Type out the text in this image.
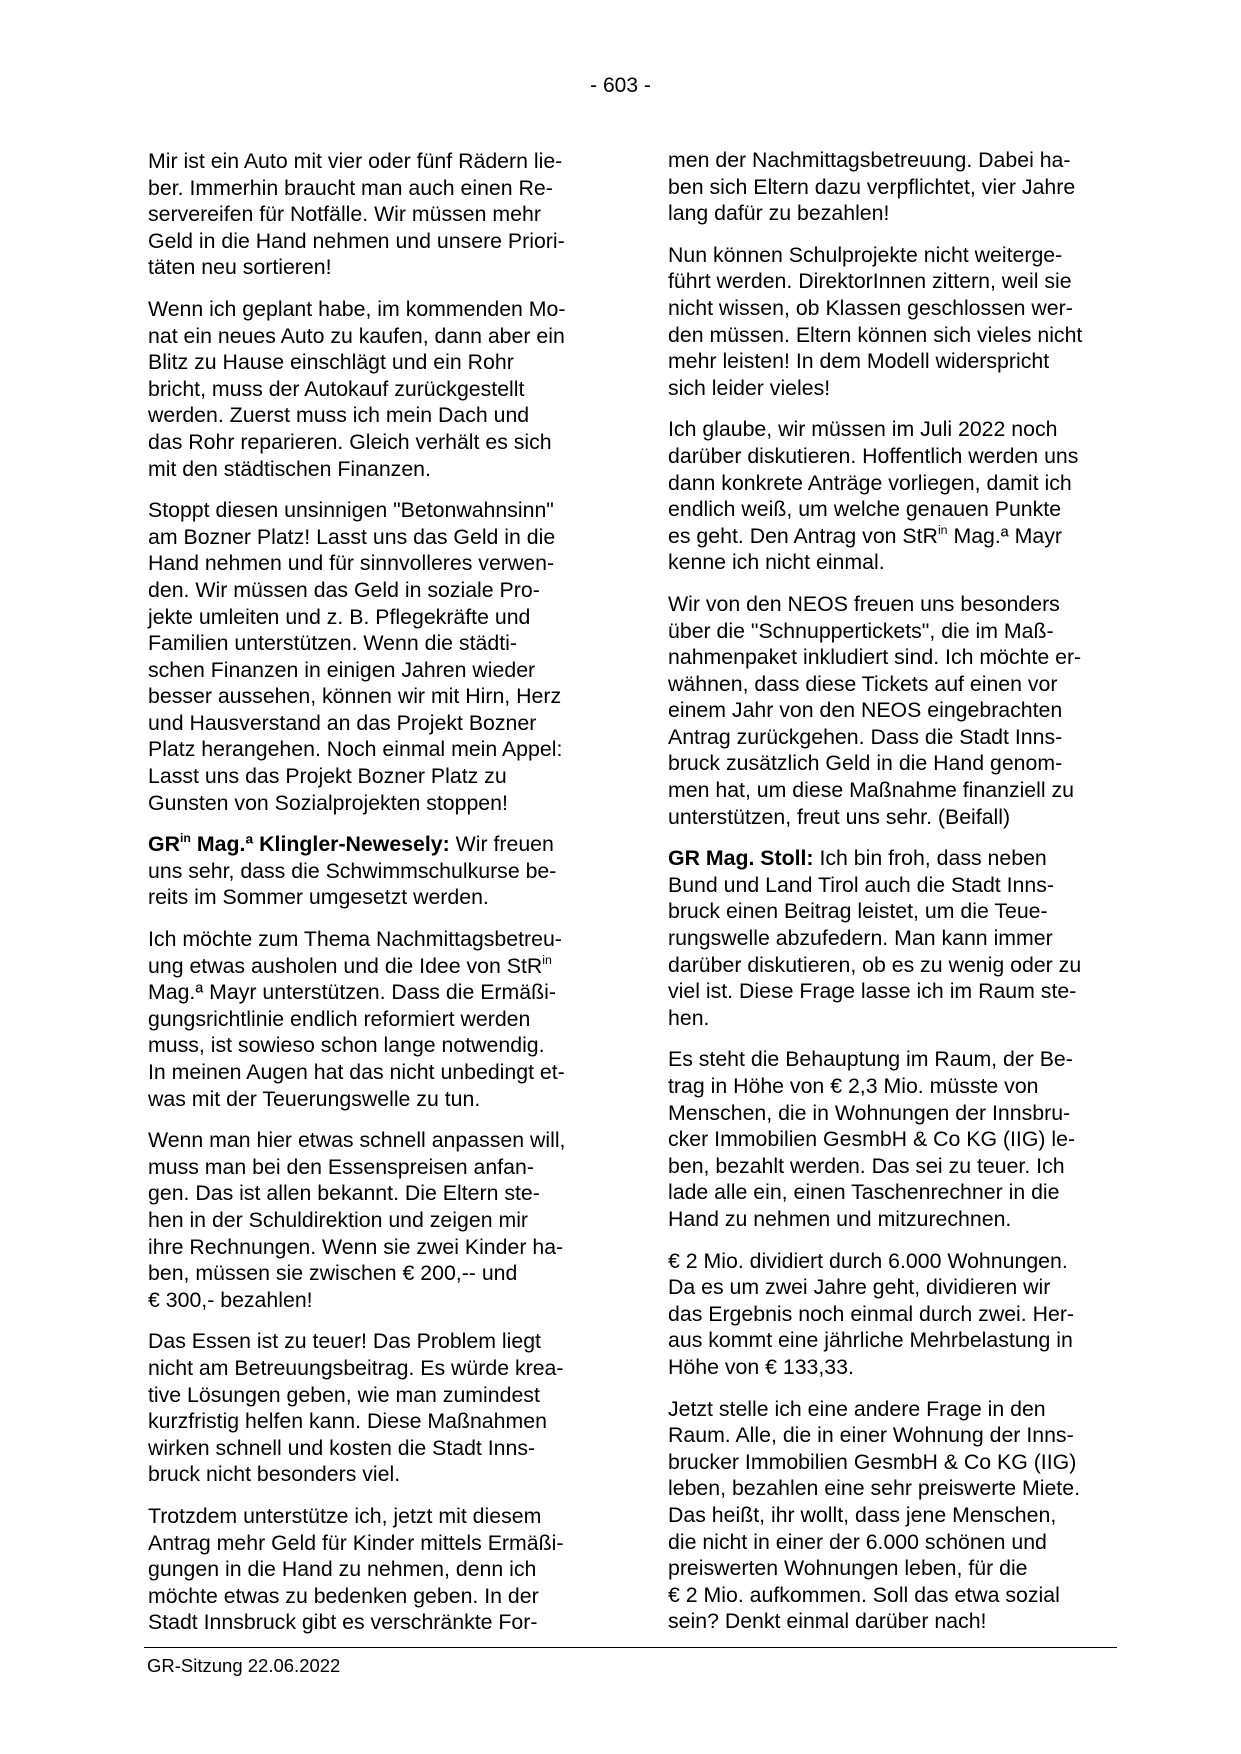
- 603 -

Mir ist ein Auto mit vier oder fünf Rädern lie-
ber. Immerhin braucht man auch einen Re-
servereifen für Notfälle. Wir müssen mehr
Geld in die Hand nehmen und unsere Priori-
täten neu sortieren!

Wenn ich geplant habe, im kommenden Mo-
nat ein neues Auto zu kaufen, dann aber ein
Blitz zu Hause einschlägt und ein Rohr
bricht, muss der Autokauf zurückgestellt
werden. Zuerst muss ich mein Dach und
das Rohr reparieren. Gleich verhält es sich
mit den städtischen Finanzen.

Stoppt diesen unsinnigen "Betonwahnsinn"
am Bozner Platz! Lasst uns das Geld in die
Hand nehmen und für sinnvolleres verwen-
den. Wir müssen das Geld in soziale Pro-
jekte umleiten und z. B. Pflegekräfte und
Familien unterstützen. Wenn die städti-
schen Finanzen in einigen Jahren wieder
besser aussehen, können wir mit Hirn, Herz
und Hausverstand an das Projekt Bozner
Platz herangehen. Noch einmal mein Appel:
Lasst uns das Projekt Bozner Platz zu
Gunsten von Sozialprojekten stoppen!

$GR^{in}$ Mag.ª Klingler-Newesely: Wir freuen
uns sehr, dass die Schwimmschulkurse be-
reits im Sommer umgesetzt werden.

Ich möchte zum Thema Nachmittagsbetreu-
ung etwas ausholen und die Idee von StR$^{in}$
Mag.ª Mayr unterstützen. Dass die Ermäßi-
gungsrichtlinie endlich reformiert werden
muss, ist sowieso schon lange notwendig.
In meinen Augen hat das nicht unbedingt et-
was mit der Teuerungswelle zu tun.

Wenn man hier etwas schnell anpassen will,
muss man bei den Essenspreisen anfan-
gen. Das ist allen bekannt. Die Eltern ste-
hen in der Schuldirektion und zeigen mir
ihre Rechnungen. Wenn sie zwei Kinder ha-
ben, müssen sie zwischen € 200,-- und
€ 300,- bezahlen!

Das Essen ist zu teuer! Das Problem liegt
nicht am Betreuungsbeitrag. Es würde krea-
tive Lösungen geben, wie man zumindest
kurzfristig helfen kann. Diese Maßnahmen
wirken schnell und kosten die Stadt Inns-
bruck nicht besonders viel.

Trotzdem unterstütze ich, jetzt mit diesem
Antrag mehr Geld für Kinder mittels Ermäßi-
gungen in die Hand zu nehmen, denn ich
möchte etwas zu bedenken geben. In der
Stadt Innsbruck gibt es verschränkte For-

men der Nachmittagsbetreuung. Dabei ha-
ben sich Eltern dazu verpflichtet, vier Jahre
lang dafür zu bezahlen!

Nun können Schulprojekte nicht weiterge-
führt werden. DirektorInnen zittern, weil sie
nicht wissen, ob Klassen geschlossen wer-
den müssen. Eltern können sich vieles nicht
mehr leisten! In dem Modell widerspricht
sich leider vieles!

Ich glaube, wir müssen im Juli 2022 noch
darüber diskutieren. Hoffentlich werden uns
dann konkrete Anträge vorliegen, damit ich
endlich weiß, um welche genauen Punkte
es geht. Den Antrag von StR$^{in}$ Mag.ª Mayr
kenne ich nicht einmal.

Wir von den NEOS freuen uns besonders
über die "Schnuppertickets", die im Maß-
nahmenpaket inkludiert sind. Ich möchte er-
wähnen, dass diese Tickets auf einen vor
einem Jahr von den NEOS eingebrachten
Antrag zurückgehen. Dass die Stadt Inns-
bruck zusätzlich Geld in die Hand genom-
men hat, um diese Maßnahme finanziell zu
unterstützen, freut uns sehr. (Beifall)

GR Mag. Stoll: Ich bin froh, dass neben
Bund und Land Tirol auch die Stadt Inns-
bruck einen Beitrag leistet, um die Teue-
rungswelle abzufedern. Man kann immer
darüber diskutieren, ob es zu wenig oder zu
viel ist. Diese Frage lasse ich im Raum ste-
hen.

Es steht die Behauptung im Raum, der Be-
trag in Höhe von € 2,3 Mio. müsste von
Menschen, die in Wohnungen der Innsbru-
cker Immobilien GesmbH & Co KG (IIG) le-
ben, bezahlt werden. Das sei zu teuer. Ich
lade alle ein, einen Taschenrechner in die
Hand zu nehmen und mitzurechnen.

€ 2 Mio. dividiert durch 6.000 Wohnungen.
Da es um zwei Jahre geht, dividieren wir
das Ergebnis noch einmal durch zwei. Her-
aus kommt eine jährliche Mehrbelastung in
Höhe von € 133,33.

Jetzt stelle ich eine andere Frage in den
Raum. Alle, die in einer Wohnung der Inns-
brucker Immobilien GesmbH & Co KG (IIG)
leben, bezahlen eine sehr preiswerte Miete.
Das heißt, ihr wollt, dass jene Menschen,
die nicht in einer der 6.000 schönen und
preiswerten Wohnungen leben, für die
€ 2 Mio. aufkommen. Soll das etwa sozial
sein? Denkt einmal darüber nach!

GR-Sitzung 22.06.2022
